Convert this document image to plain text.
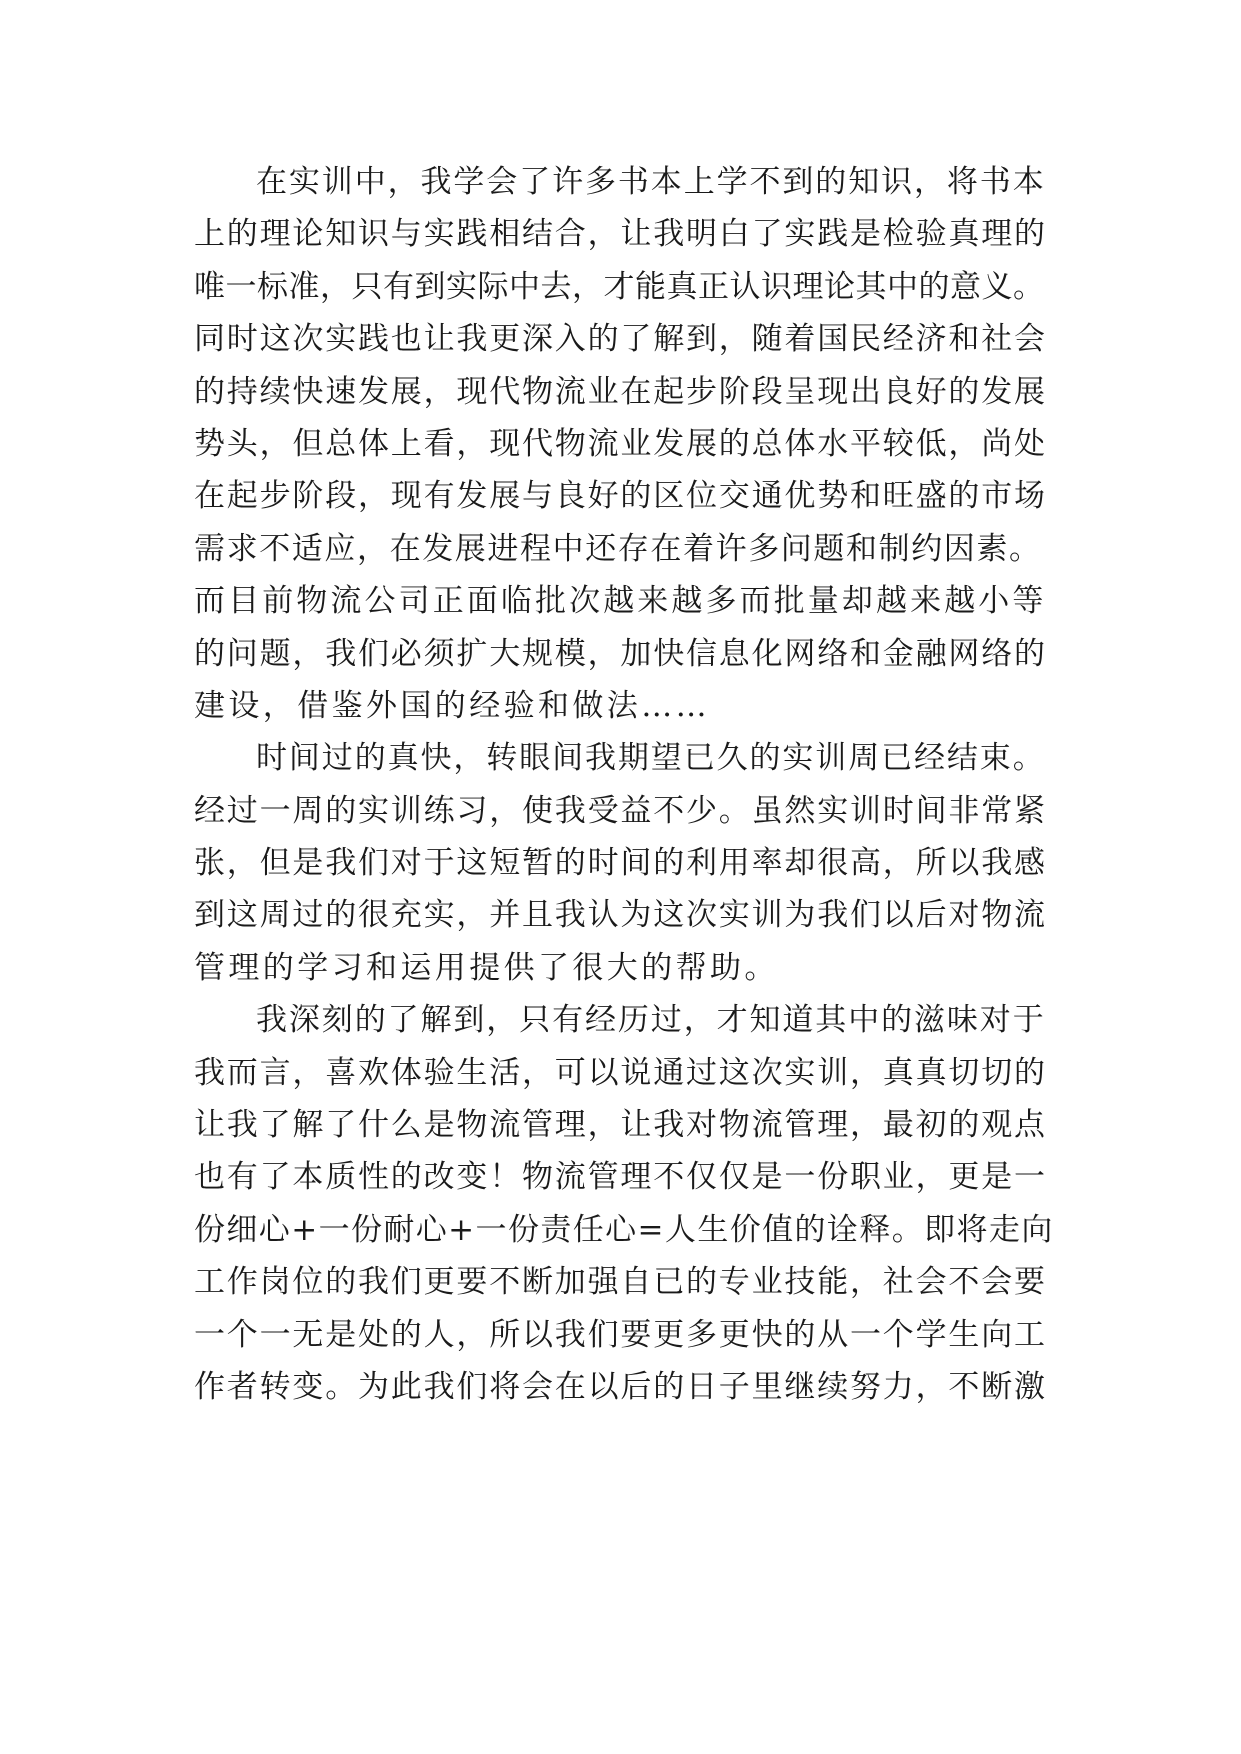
在实训中，我学会了许多书本上学不到的知识，将书本
上的理论知识与实践相结合，让我明白了实践是检验真理的
唯一标准，只有到实际中去，才能真正认识理论其中的意义。
同时这次实践也让我更深入的了解到，随着国民经济和社会
的持续快速发展，现代物流业在起步阶段呈现出良好的发展
势头，但总体上看，现代物流业发展的总体水平较低，尚处
在起步阶段，现有发展与良好的区位交通优势和旺盛的市场
需求不适应，在发展进程中还存在着许多问题和制约因素。
而目前物流公司正面临批次越来越多而批量却越来越小等
的问题，我们必须扩大规模，加快信息化网络和金融网络的
建设，借鉴外国的经验和做法……
时间过的真快，转眼间我期望已久的实训周已经结束。
经过一周的实训练习，使我受益不少。虽然实训时间非常紧
张，但是我们对于这短暂的时间的利用率却很高，所以我感
到这周过的很充实，并且我认为这次实训为我们以后对物流
管理的学习和运用提供了很大的帮助。
我深刻的了解到，只有经历过，才知道其中的滋味对于
我而言，喜欢体验生活，可以说通过这次实训，真真切切的
让我了解了什么是物流管理，让我对物流管理，最初的观点
也有了本质性的改变！物流管理不仅仅是一份职业，更是一
份细心+一份耐心+一份责任心=人生价值的诠释。即将走向
工作岗位的我们更要不断加强自已的专业技能，社会不会要
一个一无是处的人，所以我们要更多更快的从一个学生向工
作者转变。为此我们将会在以后的日子里继续努力，不断激
